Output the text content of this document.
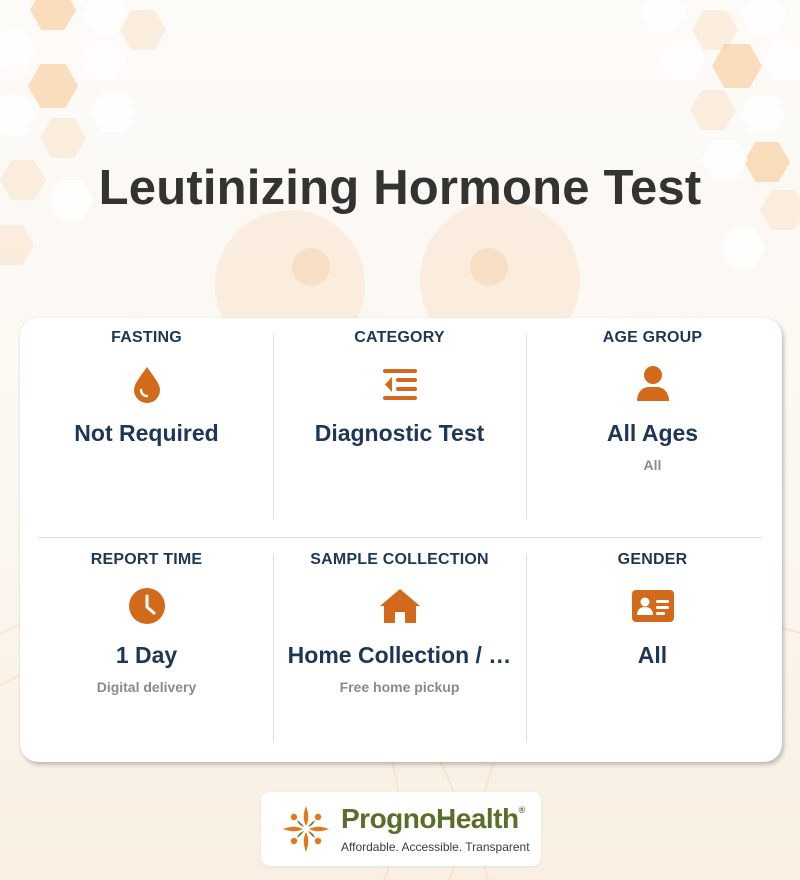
Leutinizing Hormone Test
FASTING
Not Required
CATEGORY
Diagnostic Test
AGE GROUP
All Ages
All
REPORT TIME
1 Day
Digital delivery
SAMPLE COLLECTION
Home Collection / …
Free home pickup
GENDER
All
PrognoHealth®
Affordable. Accessible. Transparent
